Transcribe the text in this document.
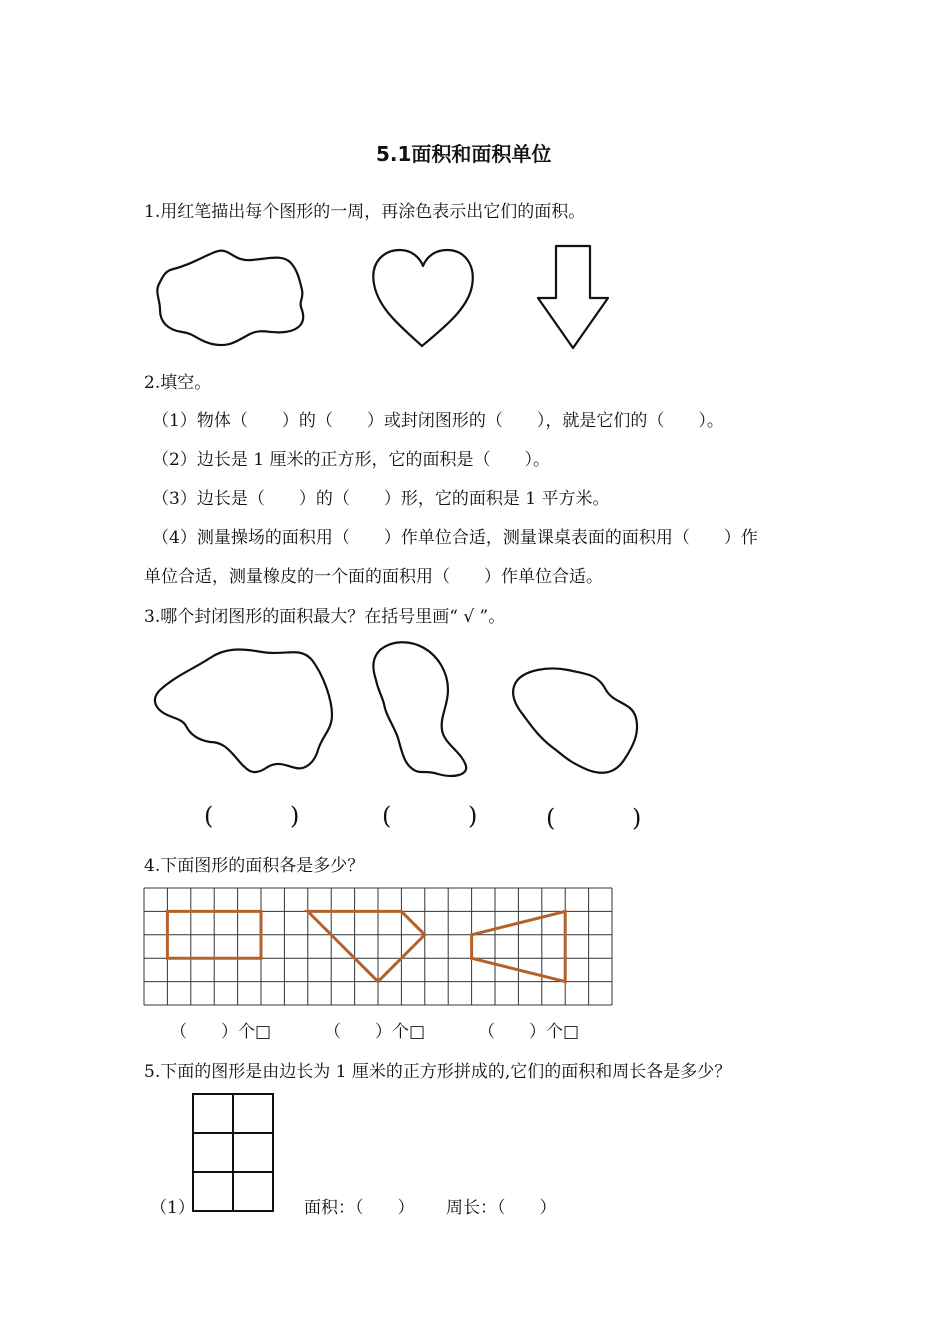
5.1面积和面积单位
1.用红笔描出每个图形的一周，再涂色表示出它们的面积。
2.填空。
（1）物体（　　）的（　　）或封闭图形的（　　），就是它们的（　　）。
（2）边长是 1 厘米的正方形，它的面积是（　　）。
（3）边长是（　　）的（　　）形，它的面积是 1 平方米。
（4）测量操场的面积用（　　）作单位合适，测量课桌表面的面积用（　　）作
单位合适，测量橡皮的一个面的面积用（　　）作单位合适。
3.哪个封闭图形的面积最大？在括号里画“ √ ”。
(	)	(	)	(	)
4.下面图形的面积各是多少？
（　　）个□	（　　）个□	（　　）个□
5.下面的图形是由边长为 1 厘米的正方形拼成的,它们的面积和周长各是多少？
（1）	面积：（　　） 周长：（　　）
